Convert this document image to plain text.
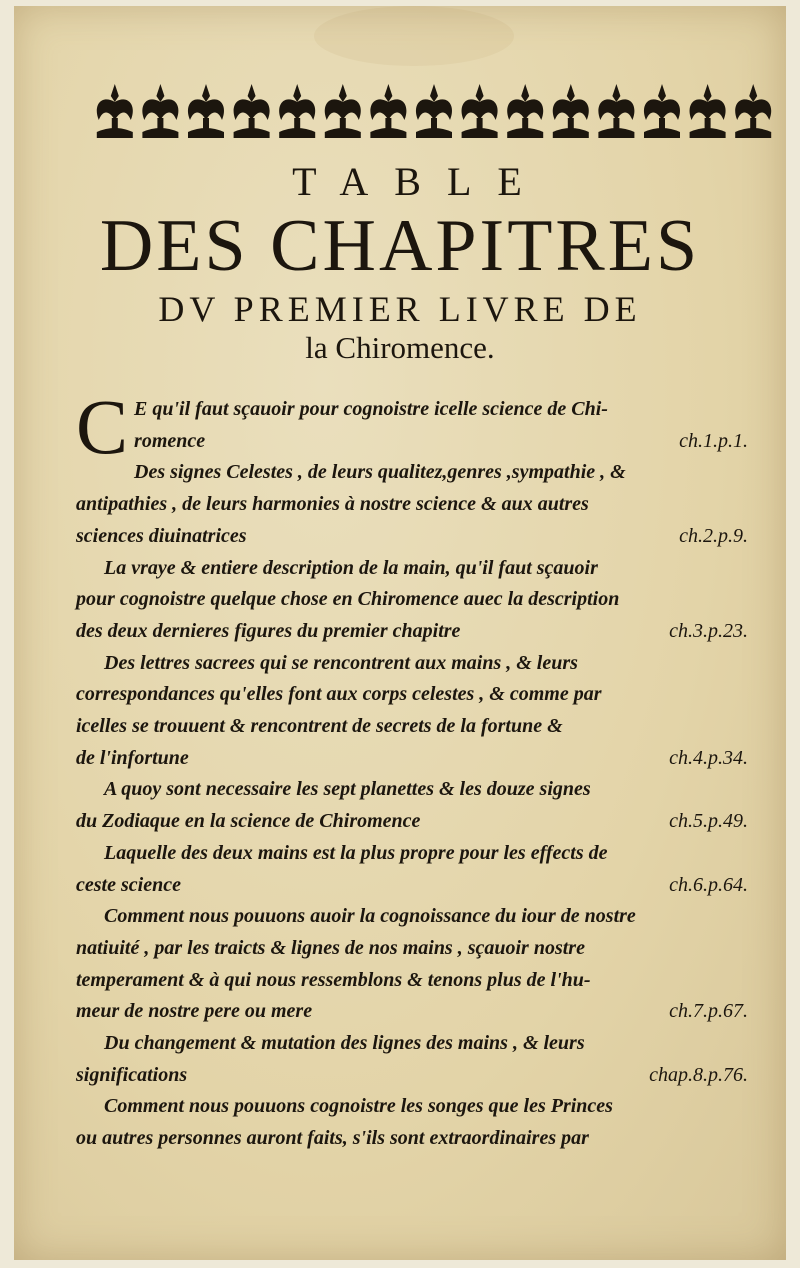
TABLE
DES CHAPITRES
DV PREMIER LIVRE DE
la Chiromence.
C E qu'il faut sçauoir pour cognoistre icelle science de Chi-
romence	ch.1.p.1.
Des signes Celestes , de leurs qualitez,genres ,sympathie , &
antipathies , de leurs harmonies à nostre science & aux autres
sciences diuinatrices	ch.2.p.9.
La vraye & entiere description de la main, qu'il faut sçauoir
pour cognoistre quelque chose en Chiromence auec la description
des deux dernieres figures du premier chapitre	ch.3.p.23.
Des lettres sacrees qui se rencontrent aux mains , & leurs
correspondances qu'elles font aux corps celestes , & comme par
icelles se trouuent & rencontrent de secrets de la fortune &
de l'infortune	ch.4.p.34.
A quoy sont necessaire les sept planettes & les douze signes
du Zodiaque en la science de Chiromence	ch.5.p.49.
Laquelle des deux mains est la plus propre pour les effects de
ceste science	ch.6.p.64.
Comment nous pouuons auoir la cognoissance du iour de nostre
natiuité , par les traicts & lignes de nos mains , sçauoir nostre
temperament & à qui nous ressemblons & tenons plus de l'hu-
meur de nostre pere ou mere	ch.7.p.67.
Du changement & mutation des lignes des mains , & leurs
significations	chap.8.p.76.
Comment nous pouuons cognoistre les songes que les Princes
ou autres personnes auront faits, s'ils sont extraordinaires par
